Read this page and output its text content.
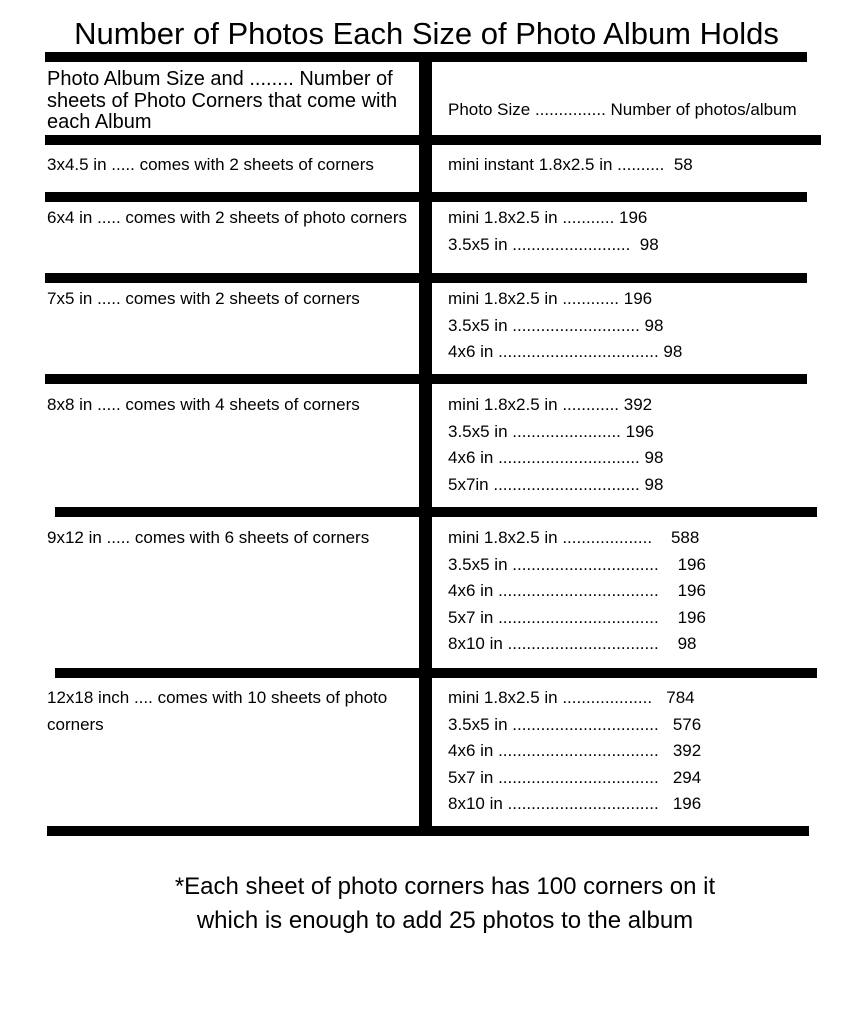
Number of Photos Each Size of Photo Album Holds
Photo Album Size and ........ Number of sheets of Photo Corners that come with each Album
Photo Size ............... Number of photos/album
3x4.5 in ..... comes with 2 sheets of corners	mini instant 1.8x2.5 in ..........  58
6x4 in ..... comes with 2 sheets of photo corners	mini 1.8x2.5 in ........... 196
3.5x5 in .........................  98
7x5 in ..... comes with 2 sheets of corners	mini 1.8x2.5 in ............ 196
3.5x5 in ........................... 98
4x6 in .................................. 98
8x8 in ..... comes with 4 sheets of corners	mini 1.8x2.5 in ............ 392
3.5x5 in ....................... 196
4x6 in .............................. 98
5x7in ............................... 98
9x12 in ..... comes with 6 sheets of corners	mini 1.8x2.5 in ...................    588
3.5x5 in ...............................    196
4x6 in ..................................    196
5x7 in ..................................    196
8x10 in ................................    98
12x18 inch .... comes with 10 sheets of photo corners
mini 1.8x2.5 in ...................   784
3.5x5 in ...............................   576
4x6 in ..................................   392
5x7 in ..................................   294
8x10 in ................................   196
*Each sheet of photo corners has 100 corners on it
which is enough to add 25 photos to the album
